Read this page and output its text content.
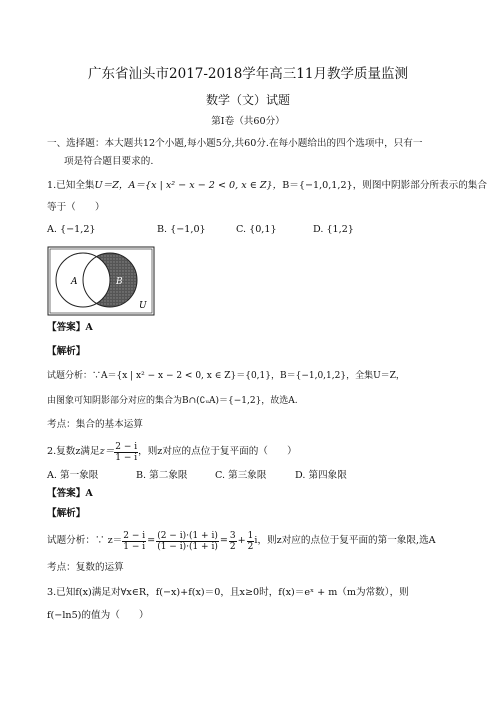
广东省汕头市2017-2018学年高三11月教学质量监测
数学（文）试题
第Ⅰ卷（共60分）
一、选择题：本大题共12个小题,每小题5分,共60分.在每小题给出的四个选项中，只有一
项是符合题目要求的.
1.已知全集U＝Z，A＝{x | x² − x − 2 < 0, x ∈ Z}，B＝{−1,0,1,2}，则图中阴影部分所表示的集合
等于（　　）
A. {−1,2}	B. {−1,0}	C. {0,1}	D. {1,2}
A	B
U
【答案】A
【解析】
试题分析：∵A＝{x | x² − x − 2 < 0, x ∈ Z}＝{0,1}，B＝{−1,0,1,2}，全集U＝Z，
由图象可知阴影部分对应的集合为B∩(∁ᵤA)＝{−1,2}，故选A.
考点：集合的基本运算
2.复数z满足 $z= \frac{2 - i}{1 - i}$ ，则z对应的点位于复平面的（　　）
A. 第一象限	B. 第二象限	C. 第三象限	D. 第四象限
【答案】A
【解析】
试题分析：∵ $z= \frac{2 - i}{1 - i} = \frac{(2 - i)\cdot(1 + i)}{(1 - i)\cdot(1 + i)} = \frac{3}{2} + \frac{1}{2}$ i，则z对应的点位于复平面的第一象限,选A
考点：复数的运算
3.已知f(x)满足对∀x∈R，f(−x)+f(x)＝0，且x≥0时，f(x)＝eˣ + m（m为常数），则
f(−ln5)的值为（　　）
